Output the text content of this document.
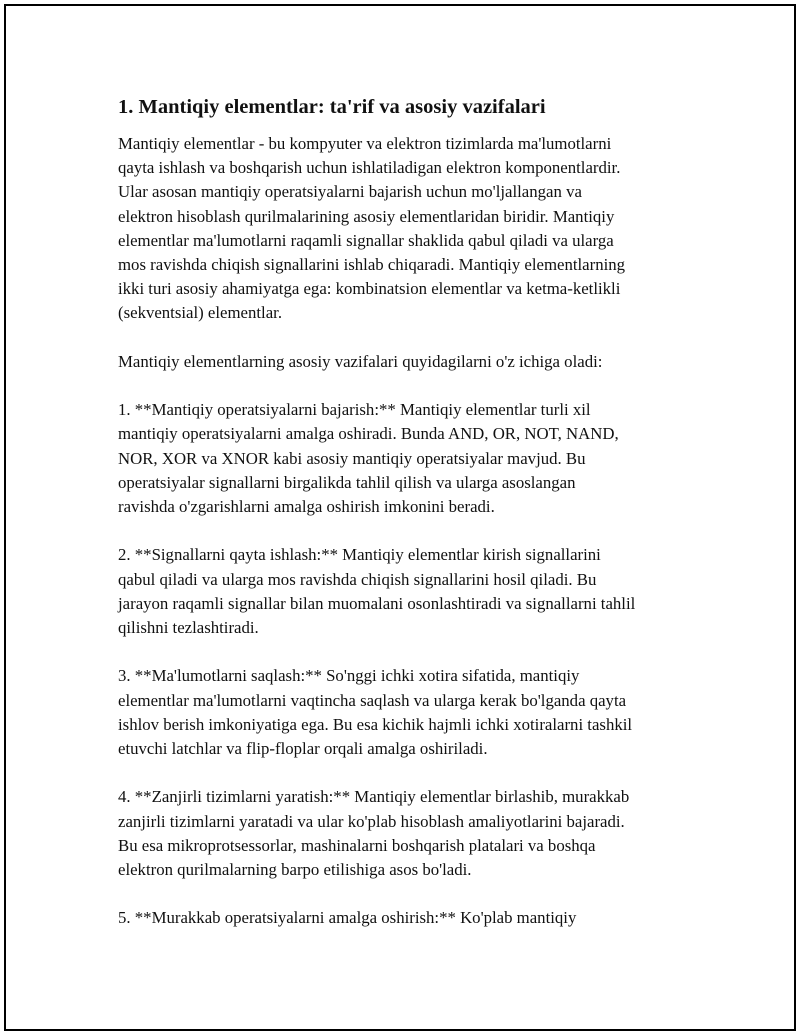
1. Mantiqiy elementlar: ta'rif va asosiy vazifalari
Mantiqiy elementlar - bu kompyuter va elektron tizimlarda ma'lumotlarni
qayta ishlash va boshqarish uchun ishlatiladigan elektron komponentlardir.
Ular asosan mantiqiy operatsiyalarni bajarish uchun mo'ljallangan va
elektron hisoblash qurilmalarining asosiy elementlaridan biridir. Mantiqiy
elementlar ma'lumotlarni raqamli signallar shaklida qabul qiladi va ularga
mos ravishda chiqish signallarini ishlab chiqaradi. Mantiqiy elementlarning
ikki turi asosiy ahamiyatga ega: kombinatsion elementlar va ketma-ketlikli
(sekventsial) elementlar.
Mantiqiy elementlarning asosiy vazifalari quyidagilarni o'z ichiga oladi:
1. **Mantiqiy operatsiyalarni bajarish:** Mantiqiy elementlar turli xil
mantiqiy operatsiyalarni amalga oshiradi. Bunda AND, OR, NOT, NAND,
NOR, XOR va XNOR kabi asosiy mantiqiy operatsiyalar mavjud. Bu
operatsiyalar signallarni birgalikda tahlil qilish va ularga asoslangan
ravishda o'zgarishlarni amalga oshirish imkonini beradi.
2. **Signallarni qayta ishlash:** Mantiqiy elementlar kirish signallarini
qabul qiladi va ularga mos ravishda chiqish signallarini hosil qiladi. Bu
jarayon raqamli signallar bilan muomalani osonlashtiradi va signallarni tahlil
qilishni tezlashtiradi.
3. **Ma'lumotlarni saqlash:** So'nggi ichki xotira sifatida, mantiqiy
elementlar ma'lumotlarni vaqtincha saqlash va ularga kerak bo'lganda qayta
ishlov berish imkoniyatiga ega. Bu esa kichik hajmli ichki xotiralarni tashkil
etuvchi latchlar va flip-floplar orqali amalga oshiriladi.
4. **Zanjirli tizimlarni yaratish:** Mantiqiy elementlar birlashib, murakkab
zanjirli tizimlarni yaratadi va ular ko'plab hisoblash amaliyotlarini bajaradi.
Bu esa mikroprotsessorlar, mashinalarni boshqarish platalari va boshqa
elektron qurilmalarning barpo etilishiga asos bo'ladi.
5. **Murakkab operatsiyalarni amalga oshirish:** Ko'plab mantiqiy
